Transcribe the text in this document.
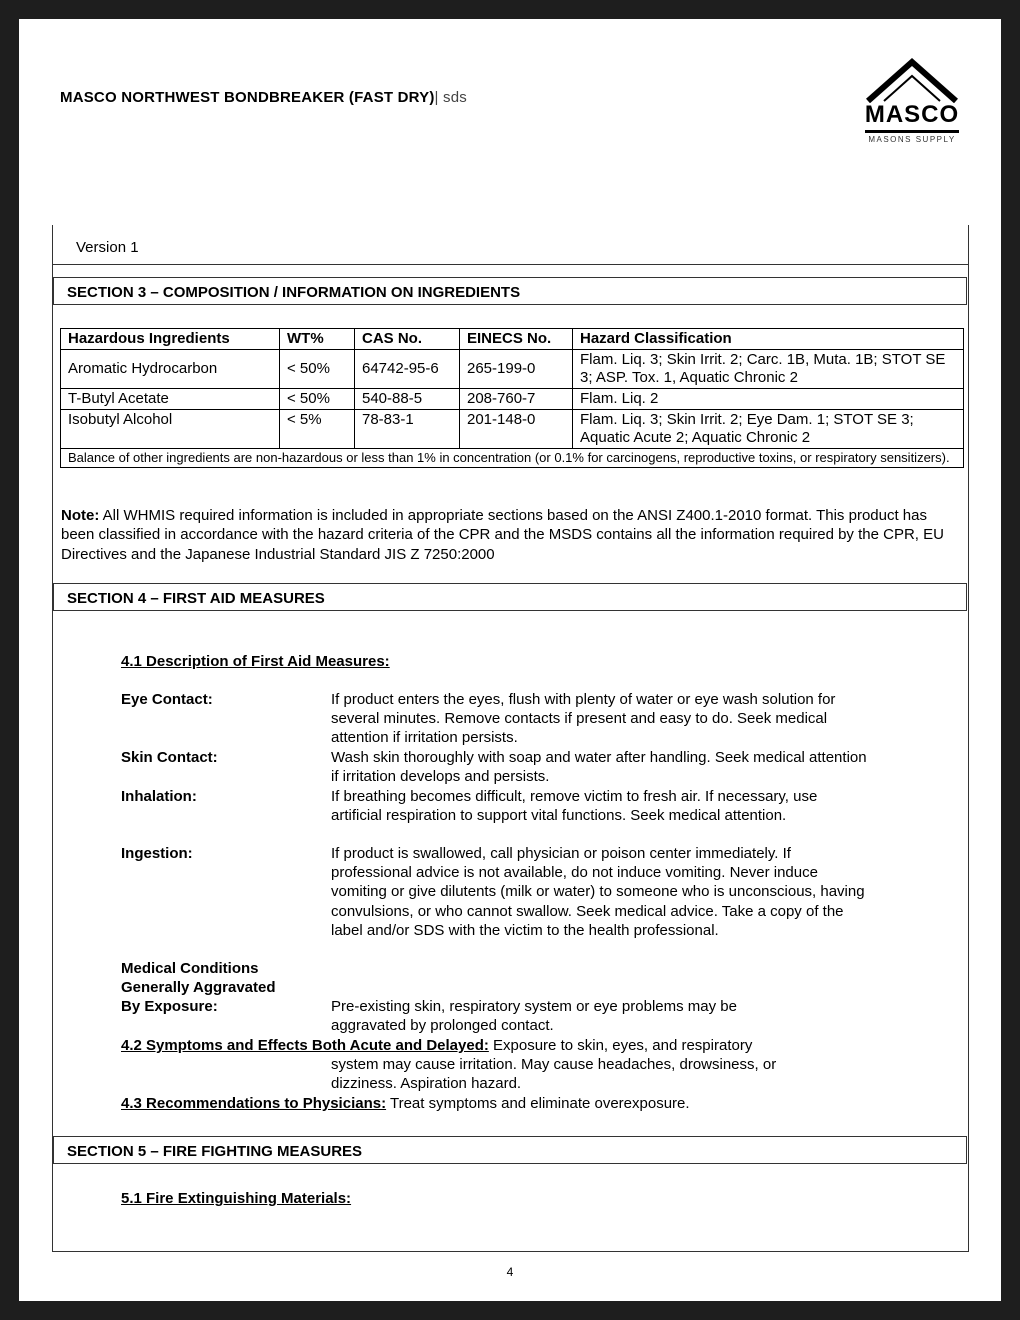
MASCO NORTHWEST BONDBREAKER (FAST DRY)| sds
MASCO
MASONS SUPPLY
Version 1
SECTION 3 – COMPOSITION / INFORMATION ON INGREDIENTS
Hazardous Ingredients	WT%	CAS No.	EINECS No.	Hazard Classification
Aromatic Hydrocarbon	< 50%	64742-95-6	265-199-0	Flam. Liq. 3; Skin Irrit. 2; Carc. 1B, Muta. 1B; STOT SE 3; ASP. Tox. 1, Aquatic Chronic 2
T-Butyl Acetate	< 50%	540-88-5	208-760-7	Flam. Liq. 2
Isobutyl Alcohol	< 5%	78-83-1	201-148-0	Flam. Liq. 3; Skin Irrit. 2; Eye Dam. 1; STOT SE 3; Aquatic Acute 2; Aquatic Chronic 2
Balance of other ingredients are non-hazardous or less than 1% in concentration (or 0.1% for carcinogens, reproductive toxins, or respiratory sensitizers).				
Note: All WHMIS required information is included in appropriate sections based on the ANSI Z400.1-2010 format. This product has been classified in accordance with the hazard criteria of the CPR and the MSDS contains all the information required by the CPR, EU Directives and the Japanese Industrial Standard JIS Z 7250:2000
SECTION 4 – FIRST AID MEASURES
4.1 Description of First Aid Measures:
Eye Contact:	If product enters the eyes, flush with plenty of water or eye wash solution for several minutes. Remove contacts if present and easy to do. Seek medical attention if irritation persists.
Skin Contact:	Wash skin thoroughly with soap and water after handling. Seek medical attention if irritation develops and persists.
Inhalation:	If breathing becomes difficult, remove victim to fresh air. If necessary, use artificial respiration to support vital functions. Seek medical attention.
Ingestion:	If product is swallowed, call physician or poison center immediately. If professional advice is not available, do not induce vomiting. Never induce vomiting or give dilutents (milk or water) to someone who is unconscious, having convulsions, or who cannot swallow. Seek medical advice. Take a copy of the label and/or SDS with the victim to the health professional.
Medical Conditions
Generally Aggravated
By Exposure:	Pre-existing skin, respiratory system or eye problems may be aggravated by prolonged contact.
4.2 Symptoms and Effects Both Acute and Delayed: Exposure to skin, eyes, and respiratory
system may cause irritation. May cause headaches, drowsiness, or dizziness. Aspiration hazard.
4.3 Recommendations to Physicians: Treat symptoms and eliminate overexposure.
SECTION 5 – FIRE FIGHTING MEASURES
5.1 Fire Extinguishing Materials:
4
